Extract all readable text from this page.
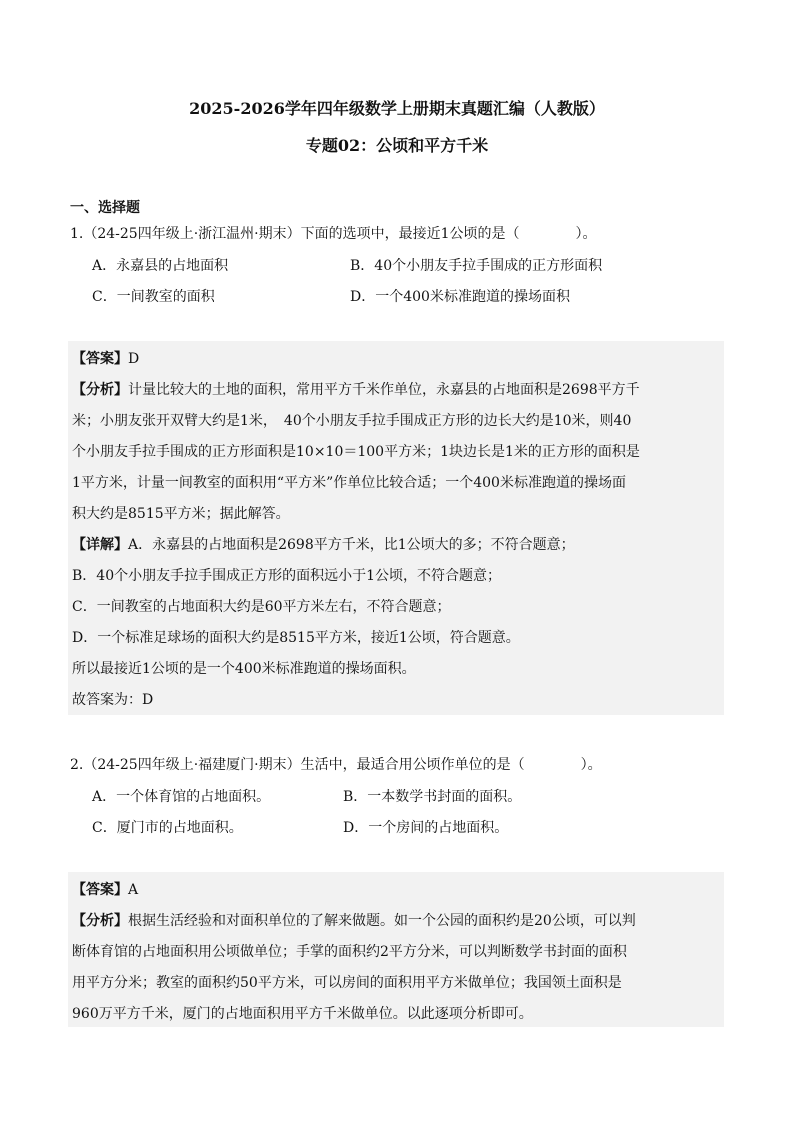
2025-2026学年四年级数学上册期末真题汇编（人教版）
专题02：公顷和平方千米
一、选择题
1.（24-25四年级上·浙江温州·期末）下面的选项中，最接近1公顷的是（　　　　）。
A．永嘉县的占地面积	B．40个小朋友手拉手围成的正方形面积
C．一间教室的面积	D．一个400米标准跑道的操场面积
【答案】D
【分析】计量比较大的土地的面积，常用平方千米作单位，永嘉县的占地面积是2698平方千
米；小朋友张开双臂大约是1米，　40个小朋友手拉手围成正方形的边长大约是10米，则40
个小朋友手拉手围成的正方形面积是10×10＝100平方米；1块边长是1米的正方形的面积是
1平方米，计量一间教室的面积用“平方米”作单位比较合适；一个400米标准跑道的操场面
积大约是8515平方米；据此解答。
【详解】A．永嘉县的占地面积是2698平方千米，比1公顷大的多；不符合题意；
B．40个小朋友手拉手围成正方形的面积远小于1公顷，不符合题意；
C．一间教室的占地面积大约是60平方米左右，不符合题意；
D．一个标准足球场的面积大约是8515平方米，接近1公顷，符合题意。
所以最接近1公顷的是一个400米标准跑道的操场面积。
故答案为：D
2.（24-25四年级上·福建厦门·期末）生活中，最适合用公顷作单位的是（　　　　）。
A．一个体育馆的占地面积。	B．一本数学书封面的面积。
C．厦门市的占地面积。	D．一个房间的占地面积。
【答案】A
【分析】根据生活经验和对面积单位的了解来做题。如一个公园的面积约是20公顷，可以判
断体育馆的占地面积用公顷做单位；手掌的面积约2平方分米，可以判断数学书封面的面积
用平方分米；教室的面积约50平方米，可以房间的面积用平方米做单位；我国领土面积是
960万平方千米，厦门的占地面积用平方千米做单位。以此逐项分析即可。
